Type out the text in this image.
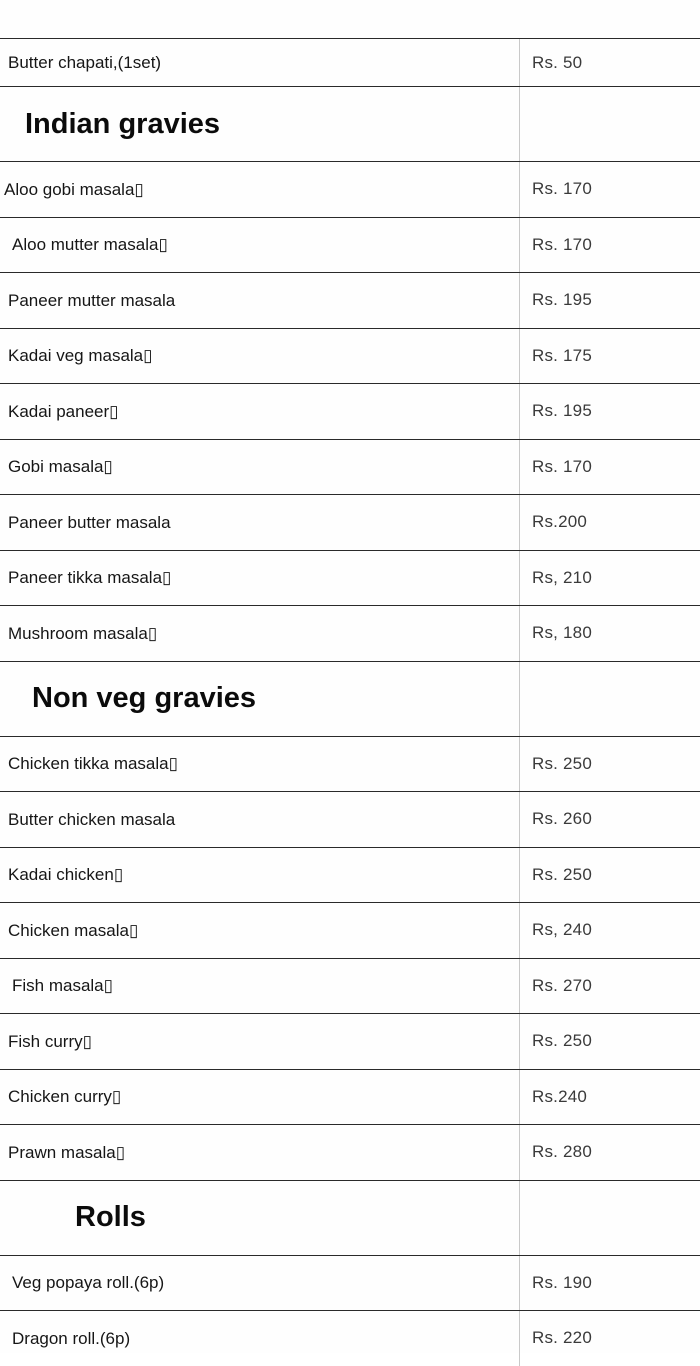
Butter chapati,(1set)	Rs. 50
Indian gravies
Aloo gobi masala▯	Rs. 170
Aloo mutter masala▯	Rs. 170
Paneer mutter masala	Rs. 195
Kadai veg masala▯	Rs. 175
Kadai paneer▯	Rs. 195
Gobi masala▯	Rs. 170
Paneer butter masala	Rs.200
Paneer tikka masala▯	Rs, 210
Mushroom masala▯	Rs, 180
Non veg gravies
Chicken tikka masala▯	Rs. 250
Butter chicken masala	Rs. 260
Kadai chicken▯	Rs. 250
Chicken masala▯	Rs, 240
Fish masala▯	Rs. 270
Fish curry▯	Rs. 250
Chicken curry▯	Rs.240
Prawn masala▯	Rs. 280
Rolls
Veg popaya roll.(6p)	Rs. 190
Dragon roll.(6p)	Rs. 220
